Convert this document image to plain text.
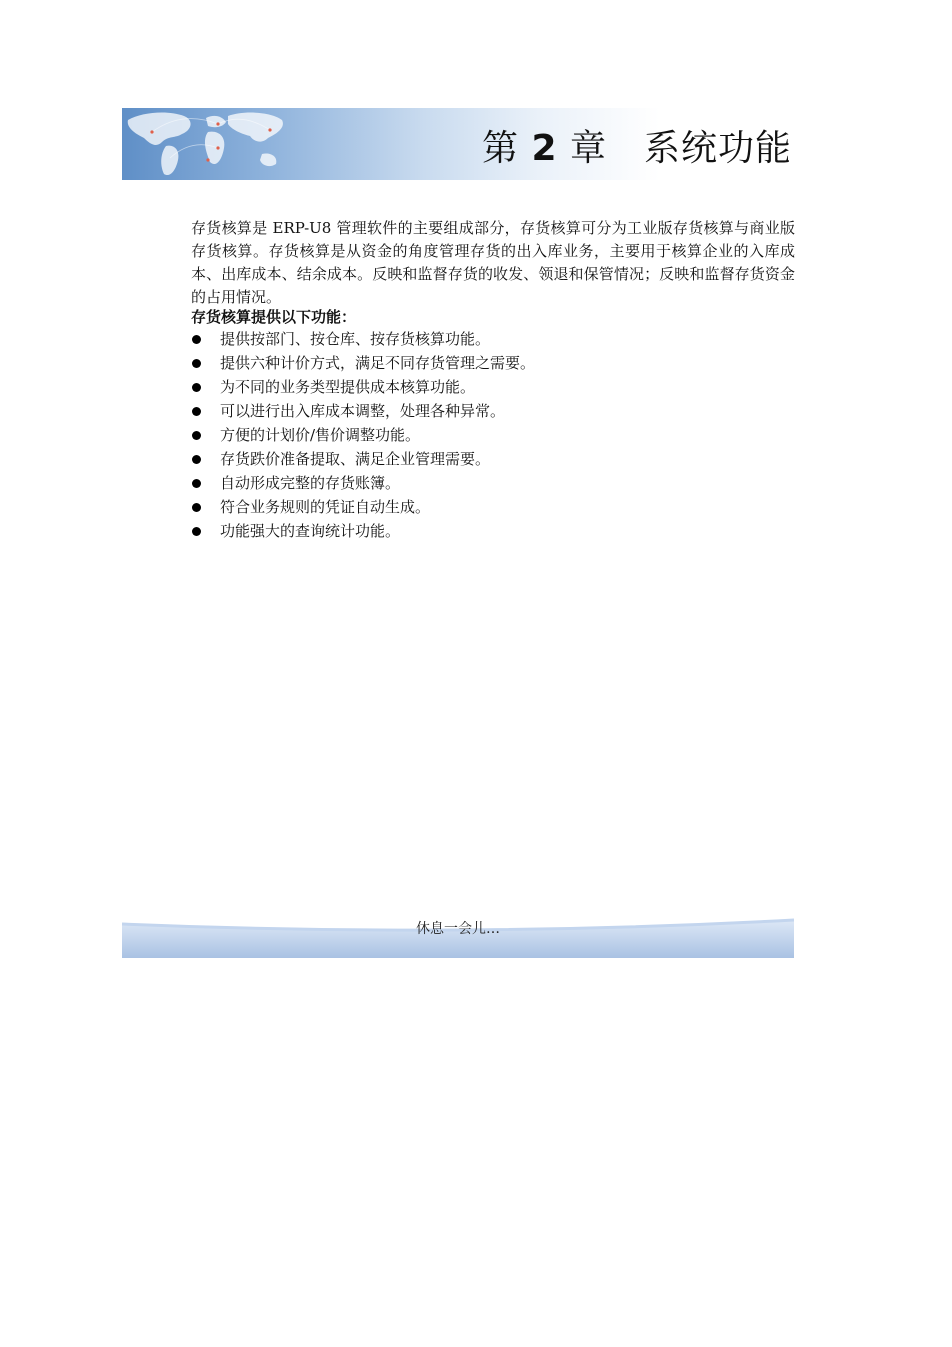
第 2 章　系统功能

存货核算是 ERP-U8 管理软件的主要组成部分，存货核算可分为工业版存货核算与商业版存货核算。存货核算是从资金的角度管理存货的出入库业务，主要用于核算企业的入库成本、出库成本、结余成本。反映和监督存货的收发、领退和保管情况；反映和监督存货资金的占用情况。

存货核算提供以下功能：

提供按部门、按仓库、按存货核算功能。
提供六种计价方式，满足不同存货管理之需要。
为不同的业务类型提供成本核算功能。
可以进行出入库成本调整，处理各种异常。
方便的计划价/售价调整功能。
存货跌价准备提取、满足企业管理需要。
自动形成完整的存货账簿。
符合业务规则的凭证自动生成。
功能强大的查询统计功能。
休息一会儿…
